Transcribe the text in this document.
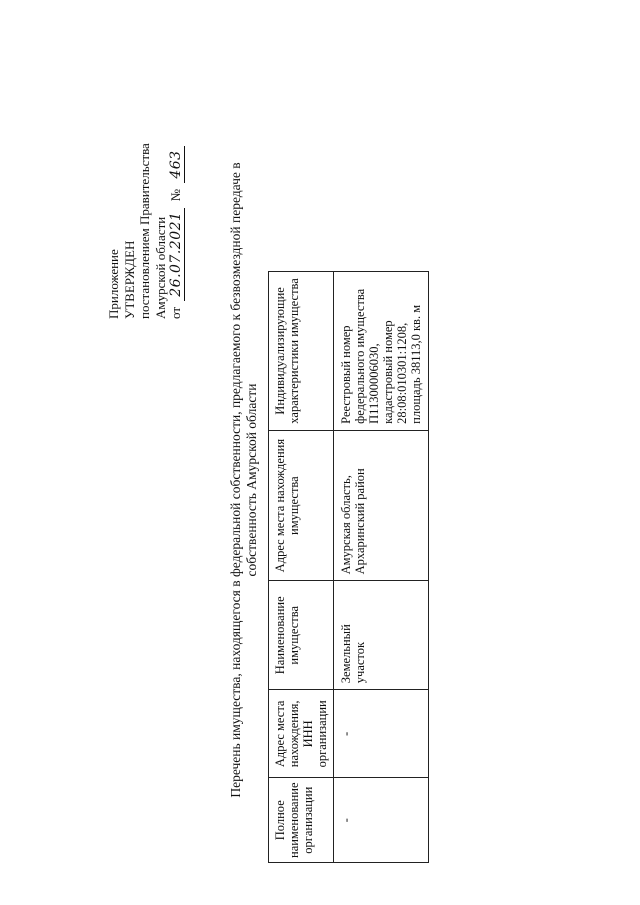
Приложение УТВЕРЖДЕН постановлением Правительства Амурской области от 26.07.2021 № 463	Перечень имущества, находящегося в федеральной собственности, предлагаемого к безвозмездной передаче в собственность Амурской области
Полное наименование организации	Адрес места нахождения, ИНН организации	Наименование имущества	Адрес места нахождения имущества	Индивидуализирующие характеристики имущества
-	-	Земельный участок	Амурская область, Архаринский район	Реестровый номер федерального имущества П11300006030, кадастровый номер 28:08:010301:1208, площадь 38113,0 кв. м
